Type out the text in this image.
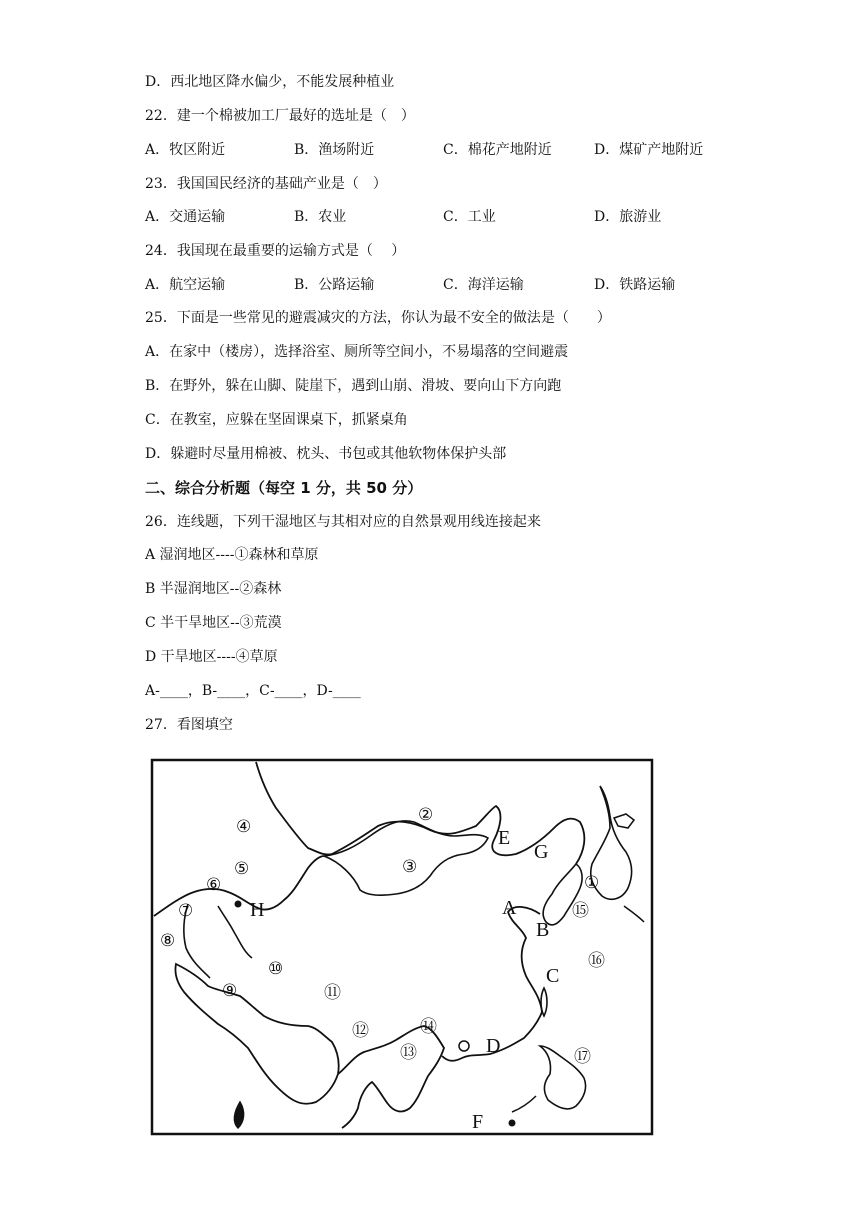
D．西北地区降水偏少，不能发展种植业
22．建一个棉被加工厂最好的选址是（　）
A．牧区附近	B．渔场附近	C．棉花产地附近	D．煤矿产地附近
23．我国国民经济的基础产业是（　）
A．交通运输	B．农业	C．工业	D．旅游业
24．我国现在最重要的运输方式是（　 ）
A．航空运输	B．公路运输	C．海洋运输	D．铁路运输
25．下面是一些常见的避震减灾的方法，你认为最不安全的做法是（　　）
A．在家中（楼房），选择浴室、厕所等空间小，不易塌落的空间避震
B．在野外，躲在山脚、陡崖下，遇到山崩、滑坡、要向山下方向跑
C．在教室，应躲在坚固课桌下，抓紧桌角
D．躲避时尽量用棉被、枕头、书包或其他软物体保护头部
二、综合分析题（每空 1 分，共 50 分）
26．连线题，下列干湿地区与其相对应的自然景观用线连接起来
A 湿润地区----①森林和草原
B 半湿润地区--②森林
C 半干旱地区--③荒漠
D 干旱地区----④草原
A-____，B-____，C-____，D-____
27．看图填空
E
G
A
B
C
D
F
H
①
②
③
④
⑤
⑥
⑦
⑧
⑨
⑩
⑪
⑫
⑬
⑭
⑮
⑯
⑰
